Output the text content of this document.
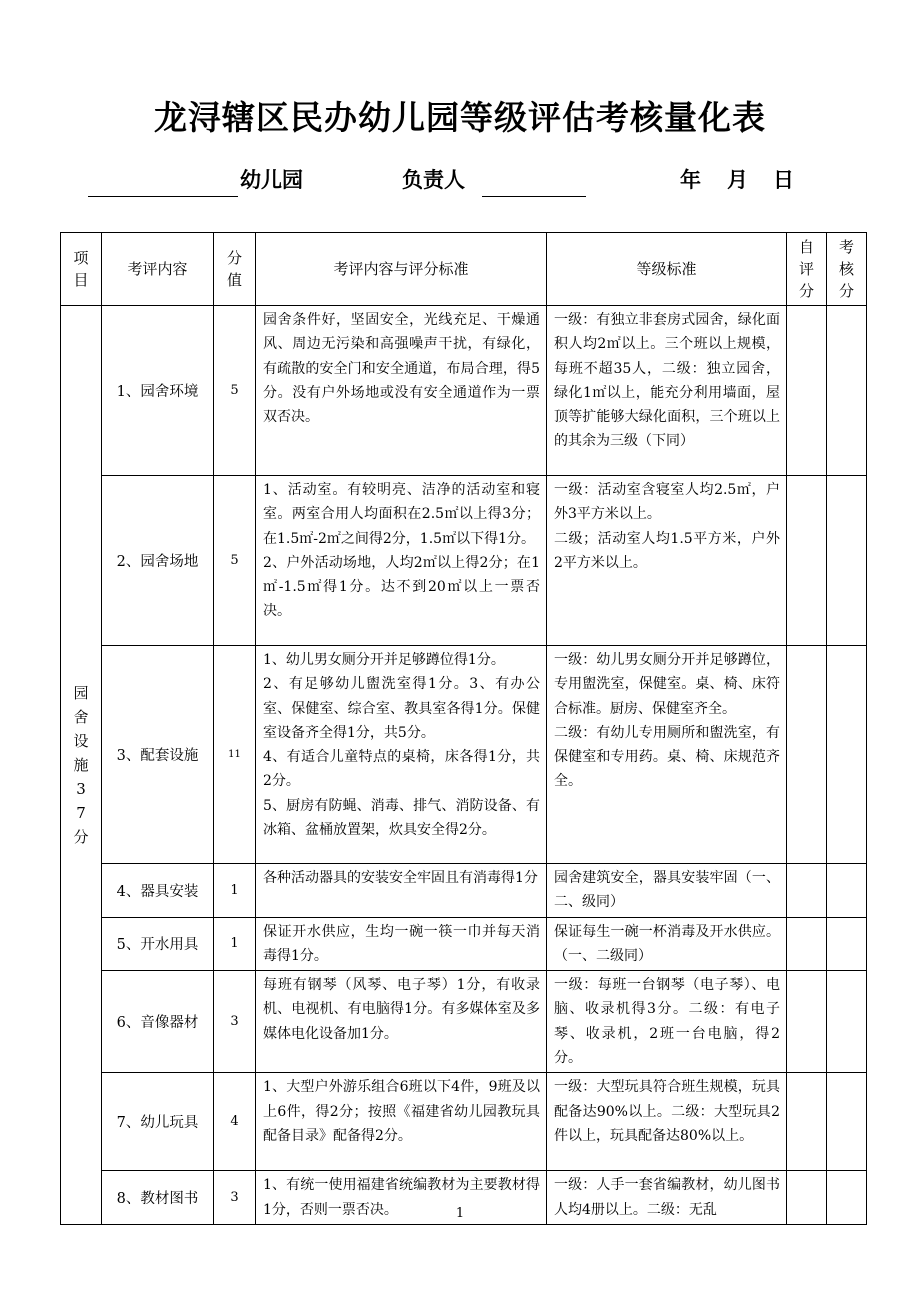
龙浔辖区民办幼儿园等级评估考核量化表
幼儿园	负责人	年 月 日
项目	考评内容	分值	考评内容与评分标准	等级标准	自评分	考核分

园舍设施37分	1、园舍环境	5	园舍条件好，坚固安全，光线充足、干燥通风、周边无污染和高强噪声干扰，有绿化，有疏散的安全门和安全通道，布局合理，得5分。没有户外场地或没有安全通道作为一票双否决。	一级：有独立非套房式园舍，绿化面积人均2㎡以上。三个班以上规模，每班不超35人，二级：独立园舍，绿化1㎡以上，能充分利用墙面，屋顶等扩能够大绿化面积，三个班以上的其余为三级（下同）		
	2、园舍场地	5	1、活动室。有较明亮、洁净的活动室和寝室。两室合用人均面积在2.5㎡以上得3分；在1.5㎡-2㎡之间得2分，1.5㎡以下得1分。
2、户外活动场地，人均2㎡以上得2分；在1㎡-1.5㎡得1分。达不到20㎡以上一票否决。	一级：活动室含寝室人均2.5㎡，户外3平方米以上。
二级；活动室人均1.5平方米，户外2平方米以上。		
	3、配套设施	11	1、幼儿男女厕分开并足够蹲位得1分。
2、有足够幼儿盥洗室得1分。3、有办公室、保健室、综合室、教具室各得1分。保健室设备齐全得1分，共5分。
4、有适合儿童特点的桌椅，床各得1分，共2分。
5、厨房有防蝇、消毒、排气、消防设备、有冰箱、盆桶放置架，炊具安全得2分。	一级：幼儿男女厕分开并足够蹲位，专用盥洗室，保健室。桌、椅、床符合标准。厨房、保健室齐全。
二级：有幼儿专用厕所和盥洗室，有保健室和专用药。桌、椅、床规范齐全。		
	4、器具安装	1	各种活动器具的安装安全牢固且有消毒得1分	园舍建筑安全，器具安装牢固（一、二、级同）		
	5、开水用具	1	保证开水供应，生均一碗一筷一巾并每天消毒得1分。	保证每生一碗一杯消毒及开水供应。（一、二级同）		
	6、音像器材	3	每班有钢琴（风琴、电子琴）1分，有收录机、电视机、有电脑得1分。有多媒体室及多媒体电化设备加1分。	一级：每班一台钢琴（电子琴）、电脑、收录机得3分。二级：有电子琴、收录机，2班一台电脑，得2分。		
	7、幼儿玩具	4	1、大型户外游乐组合6班以下4件，9班及以上6件，得2分；按照《福建省幼儿园教玩具配备目录》配备得2分。	一级：大型玩具符合班生规模，玩具配备达90%以上。二级：大型玩具2件以上，玩具配备达80%以上。		
	8、教材图书	3	1、有统一使用福建省统编教材为主要教材得1分，否则一票否决。	一级：人手一套省编教材，幼儿图书人均4册以上。二级：无乱		
1
